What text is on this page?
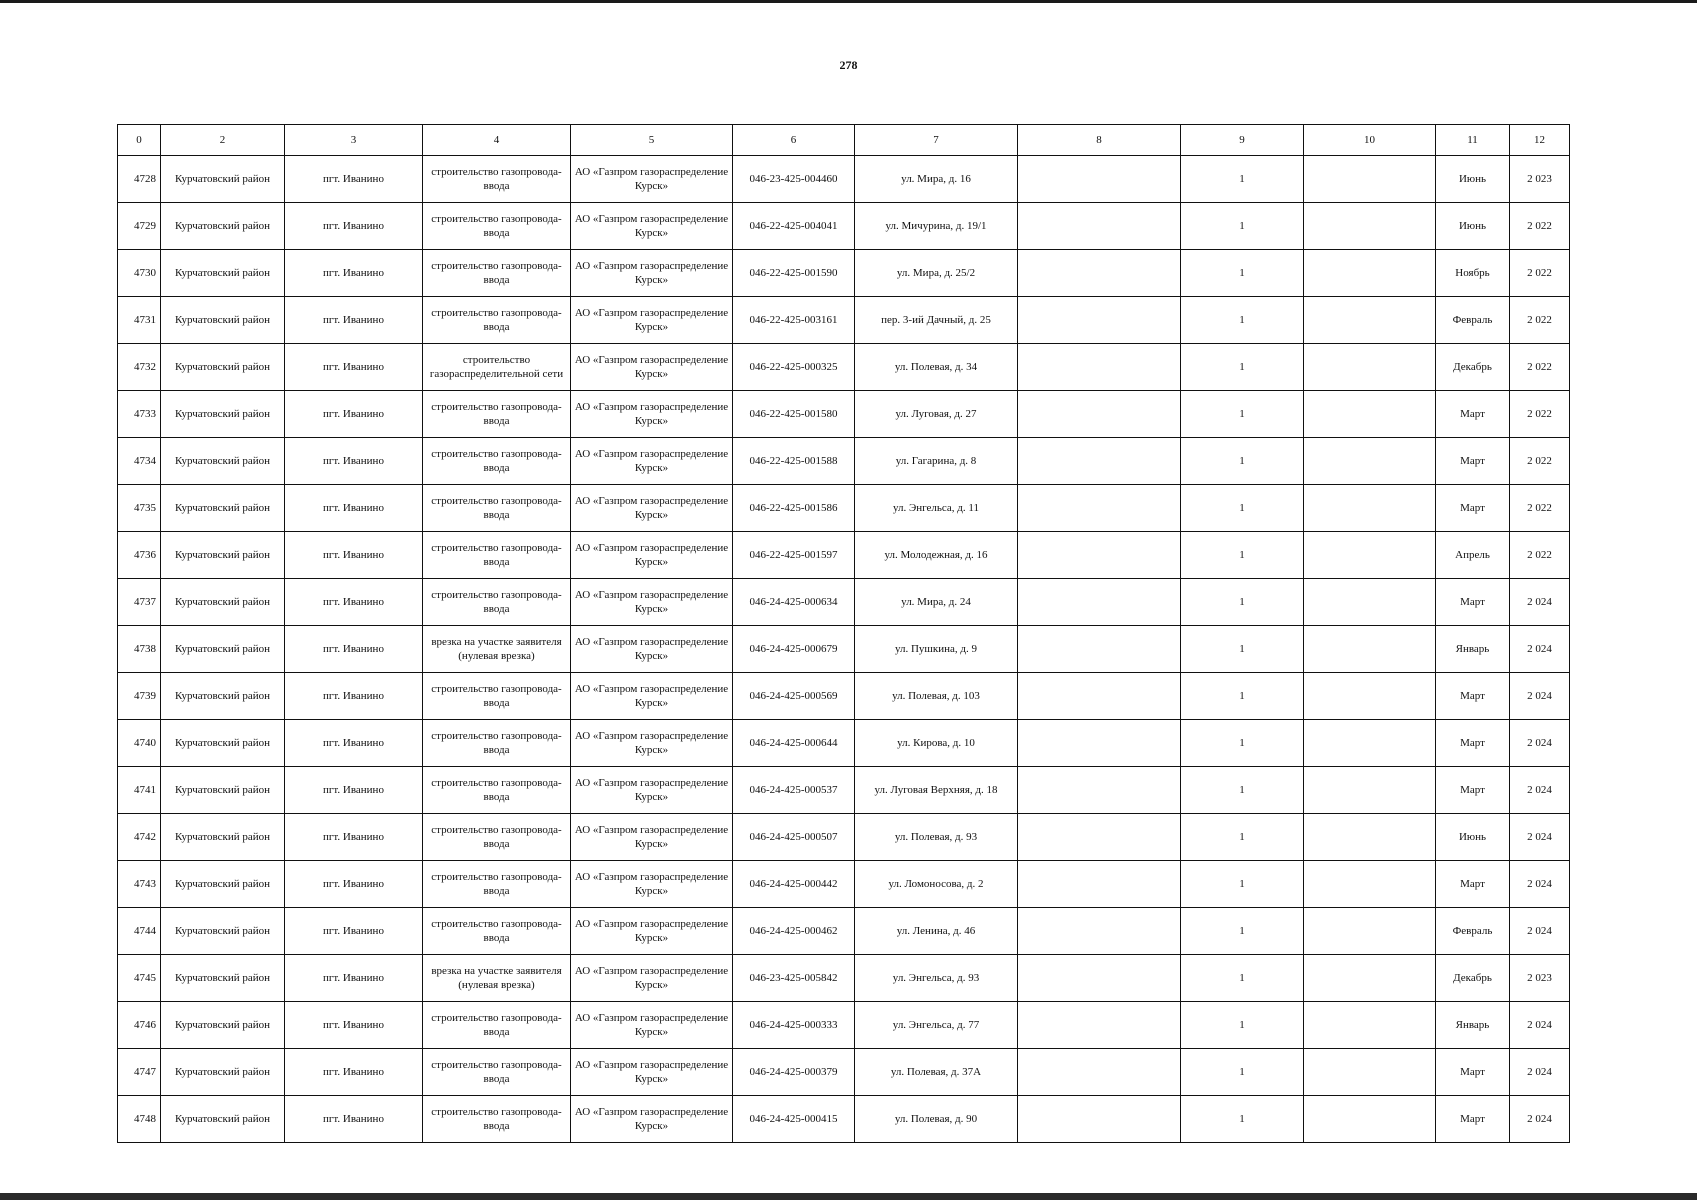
278
0	2	3	4	5	6	7	8	9	10	11	12
4728	Курчатовский район	пгт. Иванино	строительство газопровода-ввода	АО «Газпром газораспределение Курск»	046-23-425-004460	ул. Мира, д. 16		1		Июнь	2 023
4729	Курчатовский район	пгт. Иванино	строительство газопровода-ввода	АО «Газпром газораспределение Курск»	046-22-425-004041	ул. Мичурина, д. 19/1		1		Июнь	2 022
4730	Курчатовский район	пгт. Иванино	строительство газопровода-ввода	АО «Газпром газораспределение Курск»	046-22-425-001590	ул. Мира, д. 25/2		1		Ноябрь	2 022
4731	Курчатовский район	пгт. Иванино	строительство газопровода-ввода	АО «Газпром газораспределение Курск»	046-22-425-003161	пер. 3-ий Дачный, д. 25		1		Февраль	2 022
4732	Курчатовский район	пгт. Иванино	строительство газораспределительной сети	АО «Газпром газораспределение Курск»	046-22-425-000325	ул. Полевая, д. 34		1		Декабрь	2 022
4733	Курчатовский район	пгт. Иванино	строительство газопровода-ввода	АО «Газпром газораспределение Курск»	046-22-425-001580	ул. Луговая, д. 27		1		Март	2 022
4734	Курчатовский район	пгт. Иванино	строительство газопровода-ввода	АО «Газпром газораспределение Курск»	046-22-425-001588	ул. Гагарина, д. 8		1		Март	2 022
4735	Курчатовский район	пгт. Иванино	строительство газопровода-ввода	АО «Газпром газораспределение Курск»	046-22-425-001586	ул. Энгельса, д. 11		1		Март	2 022
4736	Курчатовский район	пгт. Иванино	строительство газопровода-ввода	АО «Газпром газораспределение Курск»	046-22-425-001597	ул. Молодежная, д. 16		1		Апрель	2 022
4737	Курчатовский район	пгт. Иванино	строительство газопровода-ввода	АО «Газпром газораспределение Курск»	046-24-425-000634	ул. Мира, д. 24		1		Март	2 024
4738	Курчатовский район	пгт. Иванино	врезка на участке заявителя (нулевая врезка)	АО «Газпром газораспределение Курск»	046-24-425-000679	ул. Пушкина, д. 9		1		Январь	2 024
4739	Курчатовский район	пгт. Иванино	строительство газопровода-ввода	АО «Газпром газораспределение Курск»	046-24-425-000569	ул. Полевая, д. 103		1		Март	2 024
4740	Курчатовский район	пгт. Иванино	строительство газопровода-ввода	АО «Газпром газораспределение Курск»	046-24-425-000644	ул. Кирова, д. 10		1		Март	2 024
4741	Курчатовский район	пгт. Иванино	строительство газопровода-ввода	АО «Газпром газораспределение Курск»	046-24-425-000537	ул. Луговая Верхняя, д. 18		1		Март	2 024
4742	Курчатовский район	пгт. Иванино	строительство газопровода-ввода	АО «Газпром газораспределение Курск»	046-24-425-000507	ул. Полевая, д. 93		1		Июнь	2 024
4743	Курчатовский район	пгт. Иванино	строительство газопровода-ввода	АО «Газпром газораспределение Курск»	046-24-425-000442	ул. Ломоносова, д. 2		1		Март	2 024
4744	Курчатовский район	пгт. Иванино	строительство газопровода-ввода	АО «Газпром газораспределение Курск»	046-24-425-000462	ул. Ленина, д. 46		1		Февраль	2 024
4745	Курчатовский район	пгт. Иванино	врезка на участке заявителя (нулевая врезка)	АО «Газпром газораспределение Курск»	046-23-425-005842	ул. Энгельса, д. 93		1		Декабрь	2 023
4746	Курчатовский район	пгт. Иванино	строительство газопровода-ввода	АО «Газпром газораспределение Курск»	046-24-425-000333	ул. Энгельса, д. 77		1		Январь	2 024
4747	Курчатовский район	пгт. Иванино	строительство газопровода-ввода	АО «Газпром газораспределение Курск»	046-24-425-000379	ул. Полевая, д. 37А		1		Март	2 024
4748	Курчатовский район	пгт. Иванино	строительство газопровода-ввода	АО «Газпром газораспределение Курск»	046-24-425-000415	ул. Полевая, д. 90		1		Март	2 024
